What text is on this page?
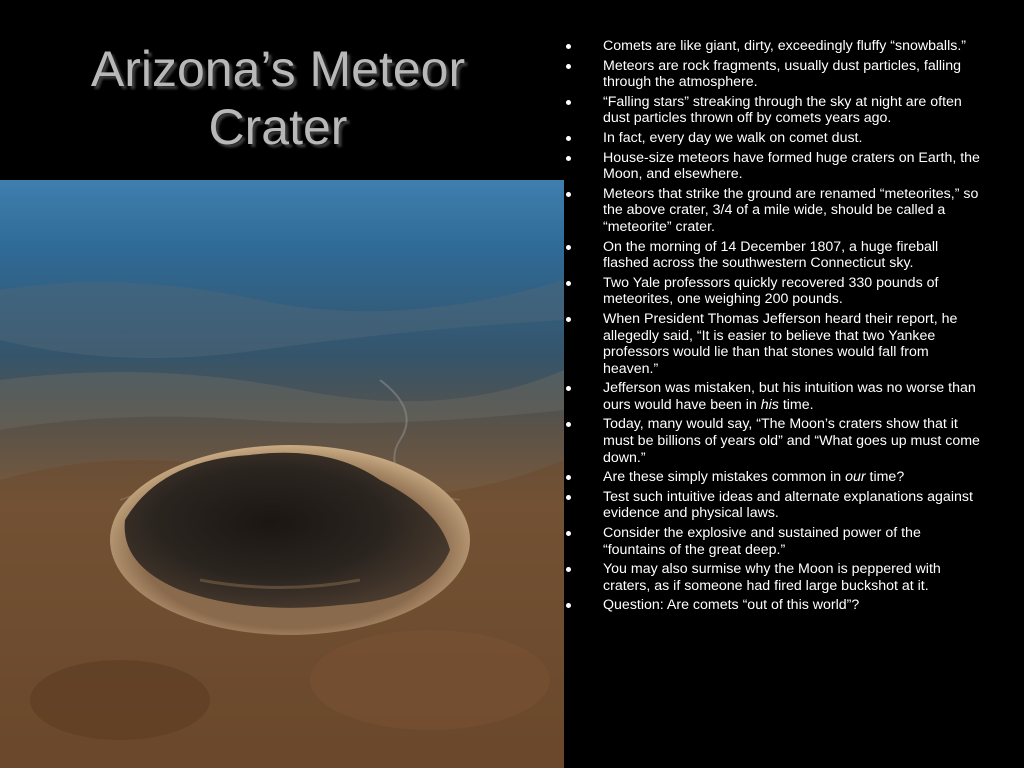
Arizona’s Meteor
Crater
Comets are like giant, dirty, exceedingly fluffy “snowballs.”
Meteors are rock fragments, usually dust particles, falling through the atmosphere.
“Falling stars” streaking through the sky at night are often dust particles thrown off by comets years ago.
In fact, every day we walk on comet dust.
House-size meteors have formed huge craters on Earth, the Moon, and elsewhere.
Meteors that strike the ground are renamed “meteorites,” so the above crater, 3/4 of a mile wide, should be called a “meteorite” crater.
On the morning of 14 December 1807, a huge fireball flashed across the southwestern Connecticut sky.
Two Yale professors quickly recovered 330 pounds of meteorites, one weighing 200 pounds.
When President Thomas Jefferson heard their report, he allegedly said, “It is easier to believe that two Yankee professors would lie than that stones would fall from heaven.”
Jefferson was mistaken, but his intuition was no worse than ours would have been in his time.
Today, many would say, “The Moon’s craters show that it must be billions of years old” and “What goes up must come down.”
Are these simply mistakes common in our time?
Test such intuitive ideas and alternate explanations against evidence and physical laws.
Consider the explosive and sustained power of the “fountains of the great deep.”
You may also surmise why the Moon is peppered with craters, as if someone had fired large buckshot at it.
Question: Are comets “out of this world”?
